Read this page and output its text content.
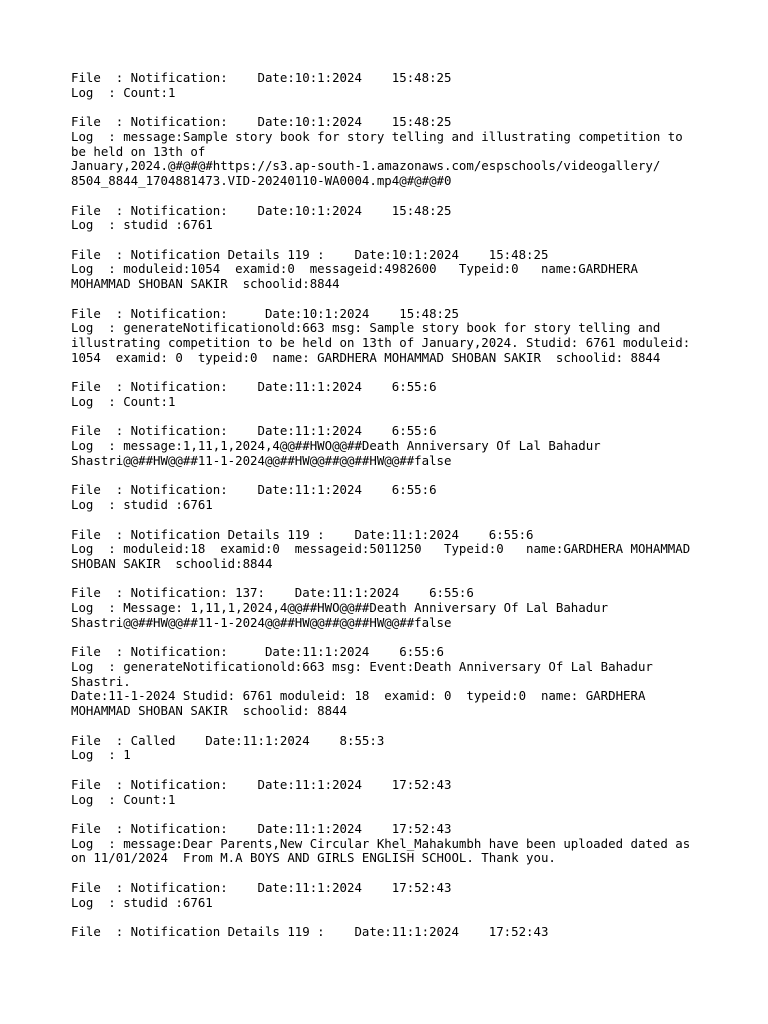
File  : Notification:    Date:10:1:2024    15:48:25
Log  : Count:1
File  : Notification:    Date:10:1:2024    15:48:25
Log  : message:Sample story book for story telling and illustrating competition to
be held on 13th of
January,2024.@#@#@#https://s3.ap-south-1.amazonaws.com/espschools/videogallery/
8504_8844_1704881473.VID-20240110-WA0004.mp4@#@#@#0
File  : Notification:    Date:10:1:2024    15:48:25
Log  : studid :6761
File  : Notification Details 119 :    Date:10:1:2024    15:48:25
Log  : moduleid:1054  examid:0  messageid:4982600   Typeid:0   name:GARDHERA
MOHAMMAD SHOBAN SAKIR  schoolid:8844
File  : Notification:     Date:10:1:2024    15:48:25
Log  : generateNotificationold:663 msg: Sample story book for story telling and
illustrating competition to be held on 13th of January,2024. Studid: 6761 moduleid:
1054  examid: 0  typeid:0  name: GARDHERA MOHAMMAD SHOBAN SAKIR  schoolid: 8844
File  : Notification:    Date:11:1:2024    6:55:6
Log  : Count:1
File  : Notification:    Date:11:1:2024    6:55:6
Log  : message:1,11,1,2024,4@@##HWO@@##Death Anniversary Of Lal Bahadur
Shastri@@##HW@@##11-1-2024@@##HW@@##@@##HW@@##false
File  : Notification:    Date:11:1:2024    6:55:6
Log  : studid :6761
File  : Notification Details 119 :    Date:11:1:2024    6:55:6
Log  : moduleid:18  examid:0  messageid:5011250   Typeid:0   name:GARDHERA MOHAMMAD
SHOBAN SAKIR  schoolid:8844
File  : Notification: 137:    Date:11:1:2024    6:55:6
Log  : Message: 1,11,1,2024,4@@##HWO@@##Death Anniversary Of Lal Bahadur
Shastri@@##HW@@##11-1-2024@@##HW@@##@@##HW@@##false
File  : Notification:     Date:11:1:2024    6:55:6
Log  : generateNotificationold:663 msg: Event:Death Anniversary Of Lal Bahadur
Shastri.
Date:11-1-2024 Studid: 6761 moduleid: 18  examid: 0  typeid:0  name: GARDHERA
MOHAMMAD SHOBAN SAKIR  schoolid: 8844
File  : Called    Date:11:1:2024    8:55:3
Log  : 1
File  : Notification:    Date:11:1:2024    17:52:43
Log  : Count:1
File  : Notification:    Date:11:1:2024    17:52:43
Log  : message:Dear Parents,New Circular Khel_Mahakumbh have been uploaded dated as
on 11/01/2024  From M.A BOYS AND GIRLS ENGLISH SCHOOL. Thank you.
File  : Notification:    Date:11:1:2024    17:52:43
Log  : studid :6761
File  : Notification Details 119 :    Date:11:1:2024    17:52:43
